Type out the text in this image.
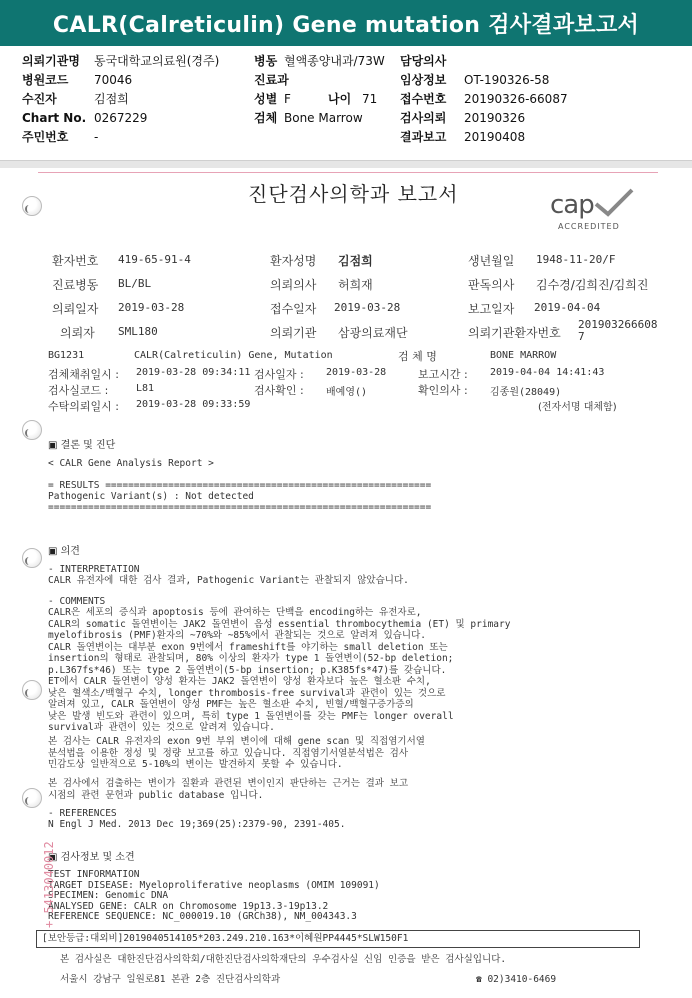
CALR(Calreticulin) Gene mutation 검사결과보고서
의뢰기관명 동국대학교의료원(경주)	병동 혈액종양내과/73W 담당의사
병원코드 70046	진료과	임상정보 OT-190326-58
수진자	김점희	성별 F	나이 71 접수번호 20190326-66087
Chart No. 0267229	검체 Bone Marrow	검사의뢰 20190326
주민번호 -	결과보고 20190408
진단검사의학과 보고서	cap
ACCREDITED
환자번호 419-65-91-4	환자성명 김점희	생년월일 1948-11-20/F
진료병동 BL/BL	의뢰의사 허희재	판독의사 김수경/김희진/김희진
의뢰일자 2019-03-28	접수일자 2019-03-28	보고일자 2019-04-04
의뢰자 SML180	의뢰기관 삼광의료재단	의뢰기관환자번호
201903266608
7
BG1231	CALR(Calreticulin) Gene, Mutation	검 체 명	BONE MARROW
검체채취일시 : 2019-03-28 09:34:11 검사일자 : 2019-03-28	보고시간 : 2019-04-04 14:41:43
검사실코드 :	L81	검사확인 : 배예영()	확인의사 : 김종원(28049)
수탁의뢰일시 : 2019-03-28 09:33:59	(전자서명 대체함)
▣ 결론 및 진단
< CALR Gene Analysis Report >
= RESULTS =========================================================
Pathogenic Variant(s) : Not detected
===================================================================
▣ 의견
- INTERPRETATION
CALR 유전자에 대한 검사 결과, Pathogenic Variant는 관찰되지 않았습니다.
- COMMENTS
CALR은 세포의 증식과 apoptosis 등에 관여하는 단백을 encoding하는 유전자로,
CALR의 somatic 돌연변이는 JAK2 돌연변이 음성 essential thrombocythemia (ET) 및 primary
myelofibrosis (PMF)환자의 ~70%와 ~85%에서 관찰되는 것으로 알려져 있습니다.
CALR 돌연변이는 대부분 exon 9번에서 frameshift를 야기하는 small deletion 또는
insertion의 형태로 관찰되며, 80% 이상의 환자가 type 1 돌연변이(52-bp deletion;
p.L367fs*46) 또는 type 2 돌연변이(5-bp insertion; p.K385fs*47)를 갖습니다.
ET에서 CALR 돌연변이 양성 환자는 JAK2 돌연변이 양성 환자보다 높은 혈소판 수치,
낮은 혈색소/백혈구 수치, longer thrombosis-free survival과 관련이 있는 것으로
알려져 있고, CALR 돌연변이 양성 PMF는 높은 혈소판 수치, 빈혈/백혈구증가증의
낮은 발생 빈도와 관련이 있으며, 특히 type 1 돌연변이를 갖는 PMF는 longer overall
survival과 관련이 있는 것으로 알려져 있습니다.
본 검사는 CALR 유전자의 exon 9번 부위 변이에 대해 gene scan 및 직접염기서열
분석법을 이용한 정성 및 정량 보고를 하고 있습니다. 직접염기서열분석법은 검사
민감도상 일반적으로 5-10%의 변이는 발견하지 못할 수 있습니다.
본 검사에서 검출하는 변이가 질환과 관련된 변이인지 판단하는 근거는 결과 보고
시점의 관련 문헌과 public database 입니다.
- REFERENCES
N Engl J Med. 2013 Dec 19;369(25):2379-90, 2391-405.
▣ 검사정보 및 소견
TEST INFORMATION
TARGET DISEASE: Myeloproliferative neoplasms (OMIM 109091)
SPECIMEN: Genomic DNA
ANALYSED GENE: CALR on Chromosome 19p13.3-19p13.2
REFERENCE SEQUENCE: NC_000019.10 (GRCh38), NM_004343.3
+ 5413040012
[보안등급:대외비]2019040514105*203.249.210.163*이혜원PP4445*SLW150F1
본 검사실은 대한진단검사의학회/대한진단검사의학재단의 우수검사실 신임 인증을 받은 검사실입니다.
서울시 강남구 일원로81 본관 2층 진단검사의학과	☎ 02)3410-6469
